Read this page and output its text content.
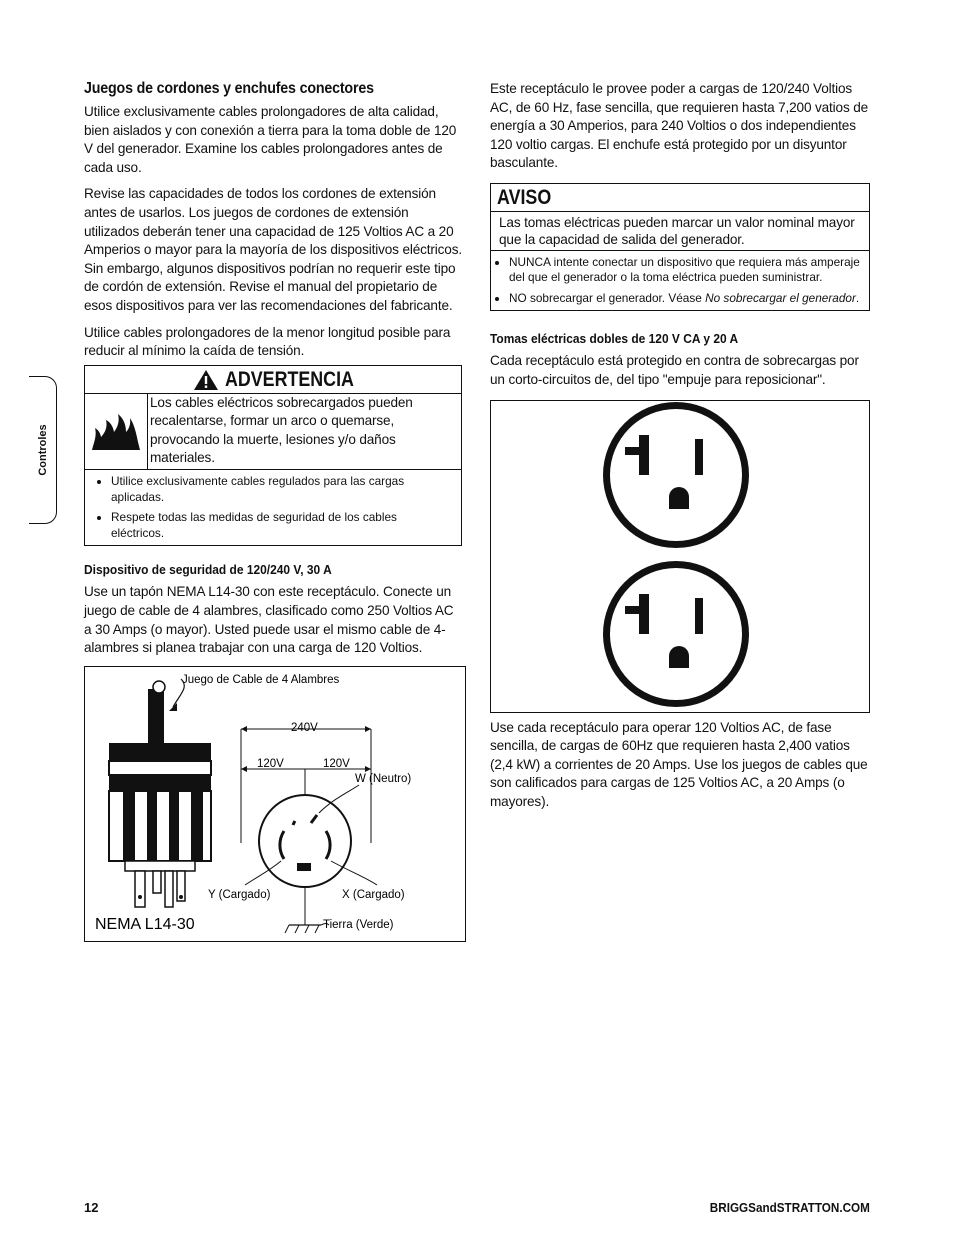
Controles
Juegos de cordones y enchufes conectores

Utilice exclusivamente cables prolongadores de alta calidad, bien aislados y con conexión a tierra para la toma doble de 120 V del generador. Examine los cables prolongadores antes de cada uso.

Revise las capacidades de todos los cordones de extensión antes de usarlos. Los juegos de cordones de extensión utilizados deberán tener una capacidad de 125 Voltios AC a 20 Amperios o mayor para la mayoría de los dispositivos eléctricos. Sin embargo, algunos dispositivos podrían no requerir este tipo de cordón de extensión. Revise el manual del propietario de esos dispositivos para ver las recomendaciones del fabricante.

Utilice cables prolongadores de la menor longitud posible para reducir al mínimo la caída de tensión.

ADVERTENCIA
Los cables eléctricos sobrecargados pueden recalentarse, formar un arco o quemarse, provocando la muerte, lesiones y/o daños materiales.
• Utilice exclusivamente cables regulados para las cargas aplicadas.
• Respete todas las medidas de seguridad de los cables eléctricos.
Dispositivo de seguridad de 120/240 V, 30 A

Use un tapón NEMA L14-30 con este receptáculo. Conecte un juego de cable de 4 alambres, clasificado como 250 Voltios AC a 30 Amps (o mayor). Usted puede usar el mismo cable de 4-alambres si planea trabajar con una carga de 120 Voltios.

Juego de Cable de 4 Alambres
240V
120V	120V
W (Neutro)
Y (Cargado)	X (Cargado)
Tierra (Verde)
NEMA L14-30

Este receptáculo le provee poder a cargas de 120/240 Voltios AC, de 60 Hz, fase sencilla, que requieren hasta 7,200 vatios de energía a 30 Amperios, para 240 Voltios o dos independientes 120 voltio cargas. El enchufe está protegido por un disyuntor basculante.

AVISO
Las tomas eléctricas pueden marcar un valor nominal mayor que la capacidad de salida del generador.
• NUNCA intente conectar un dispositivo que requiera más amperaje del que el generador o la toma eléctrica pueden suministrar.
• NO sobrecargar el generador. Véase No sobrecargar el generador.
Tomas eléctricas dobles de 120 V CA y 20 A

Cada receptáculo está protegido en contra de sobrecargas por un corto-circuitos de, del tipo "empuje para reposicionar".

Use cada receptáculo para operar 120 Voltios AC, de fase sencilla, de cargas de 60Hz que requieren hasta 2,400 vatios (2,4 kW) a corrientes de 20 Amps. Use los juegos de cables que son calificados para cargas de 125 Voltios AC, a 20 Amps (o mayores).

12	BRIGGSandSTRATTON.COM
